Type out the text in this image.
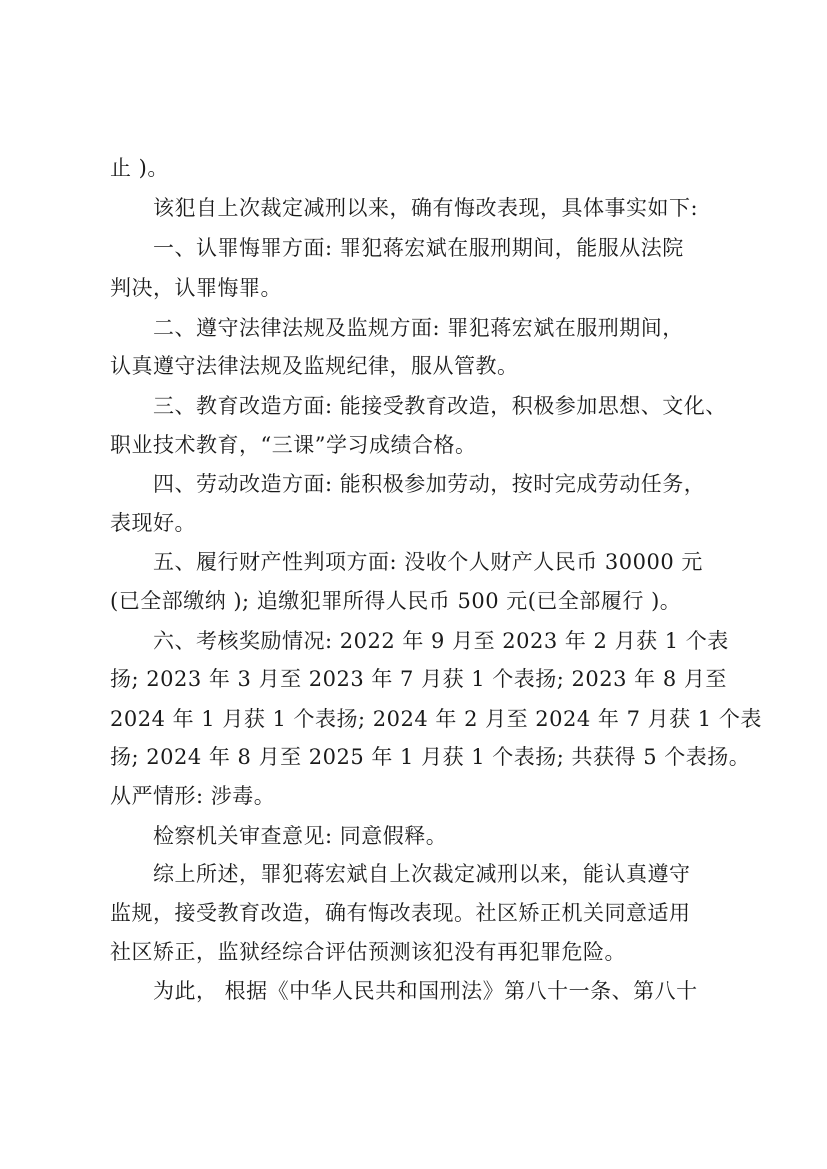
止 )。
该犯自上次裁定减刑以来，确有悔改表现，具体事实如下:
一、认罪悔罪方面: 罪犯蒋宏斌在服刑期间，能服从法院
判决，认罪悔罪。
二、遵守法律法规及监规方面: 罪犯蒋宏斌在服刑期间，
认真遵守法律法规及监规纪律，服从管教。
三、教育改造方面: 能接受教育改造，积极参加思想、文化、
职业技术教育，“三课”学习成绩合格。
四、劳动改造方面: 能积极参加劳动，按时完成劳动任务，
表现好。
五、履行财产性判项方面: 没收个人财产人民币 30000 元
(已全部缴纳 ); 追缴犯罪所得人民币 500 元(已全部履行 )。
六、考核奖励情况: 2022 年 9 月至 2023 年 2 月获 1 个表
扬; 2023 年 3 月至 2023 年 7 月获 1 个表扬; 2023 年 8 月至
2024 年 1 月获 1 个表扬; 2024 年 2 月至 2024 年 7 月获 1 个表
扬; 2024 年 8 月至 2025 年 1 月获 1 个表扬; 共获得 5 个表扬。
从严情形: 涉毒。
检察机关审查意见: 同意假释。
综上所述，罪犯蒋宏斌自上次裁定减刑以来，能认真遵守
监规，接受教育改造，确有悔改表现。社区矫正机关同意适用
社区矫正，监狱经综合评估预测该犯没有再犯罪危险。
为此， 根据《中华人民共和国刑法》第八十一条、第八十
